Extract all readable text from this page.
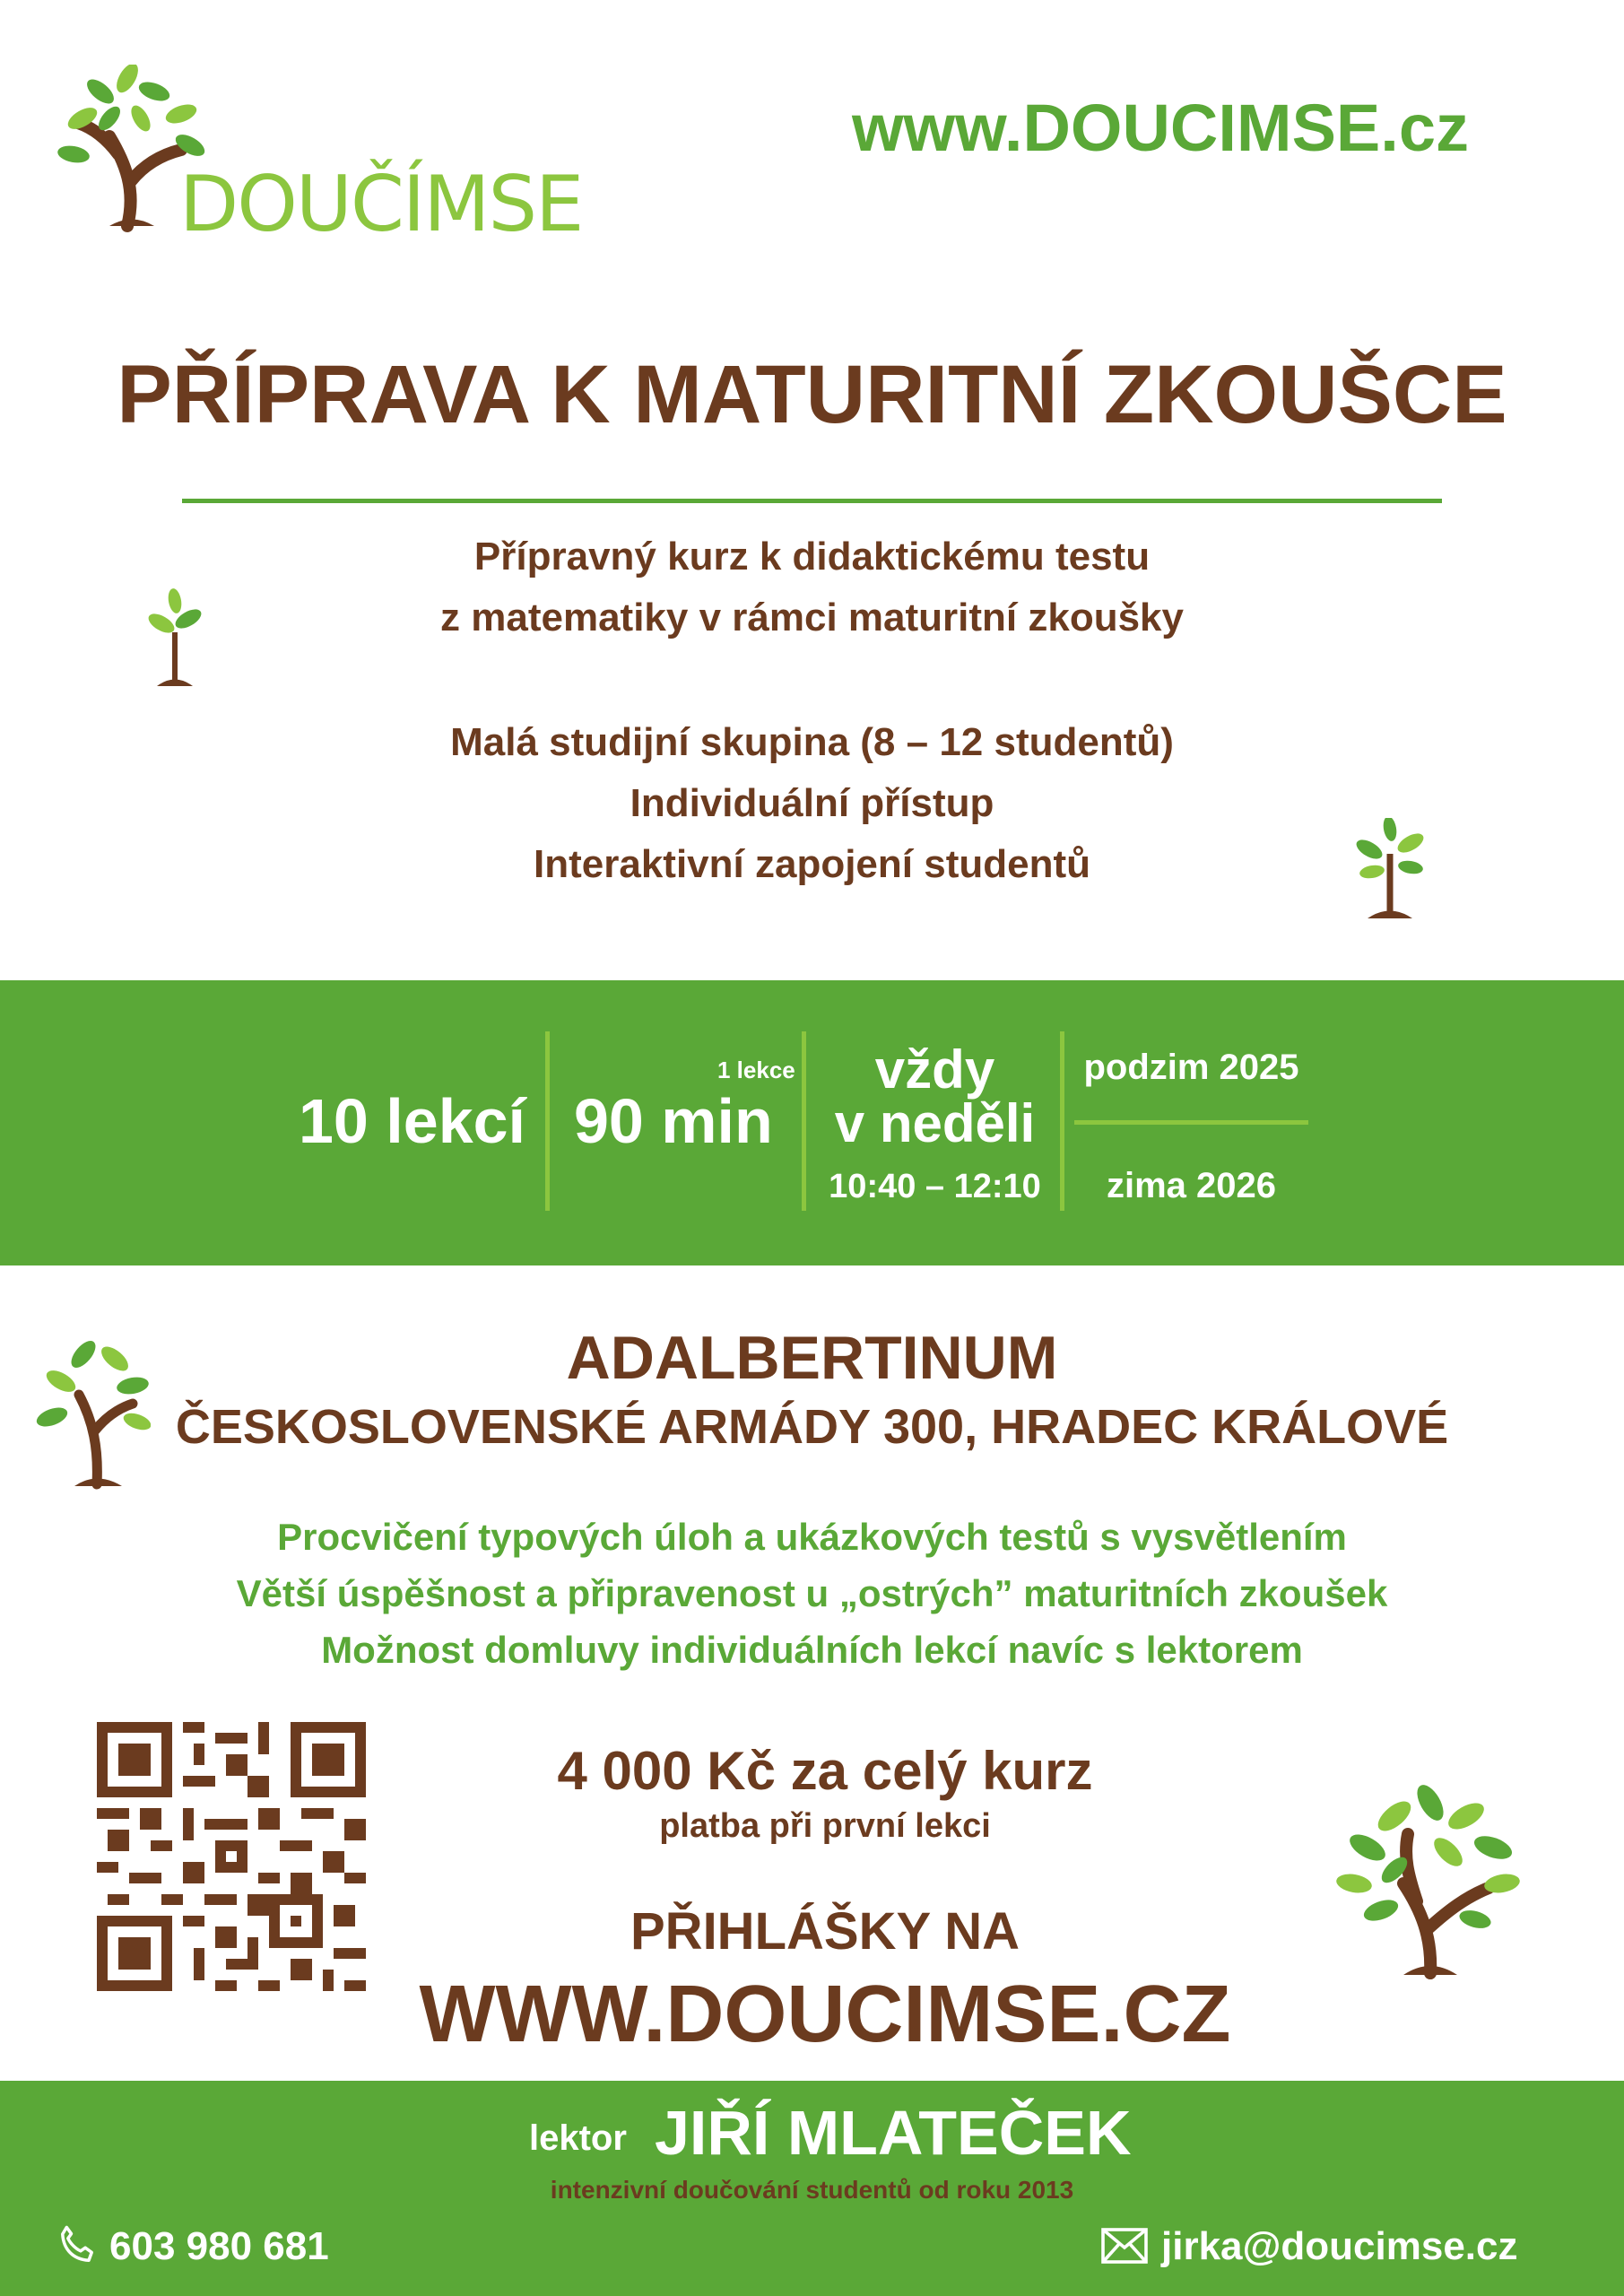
DOUČÍMSE
www.DOUCIMSE.cz
PŘÍPRAVA K MATURITNÍ ZKOUŠCE
Přípravný kurz k didaktickému testu
z matematiky v rámci maturitní zkoušky
Malá studijní skupina (8 – 12 studentů)
Individuální přístup
Interaktivní zapojení studentů
10 lekcí
1 lekce
90 min
vždy
v neděli
10:40 – 12:10
podzim 2025
zima 2026
ADALBERTINUM
ČESKOSLOVENSKÉ ARMÁDY 300, HRADEC KRÁLOVÉ
Procvičení typových úloh a ukázkových testů s vysvětlením
Větší úspěšnost a připravenost u „ostrých” maturitních zkoušek
Možnost domluvy individuálních lekcí navíc s lektorem
4 000 Kč za celý kurz
platba při první lekci
PŘIHLÁŠKY NA
WWW.DOUCIMSE.CZ
lektor JIŘÍ MLATEČEK
intenzivní doučování studentů od roku 2013
603 980 681	jirka@doucimse.cz
